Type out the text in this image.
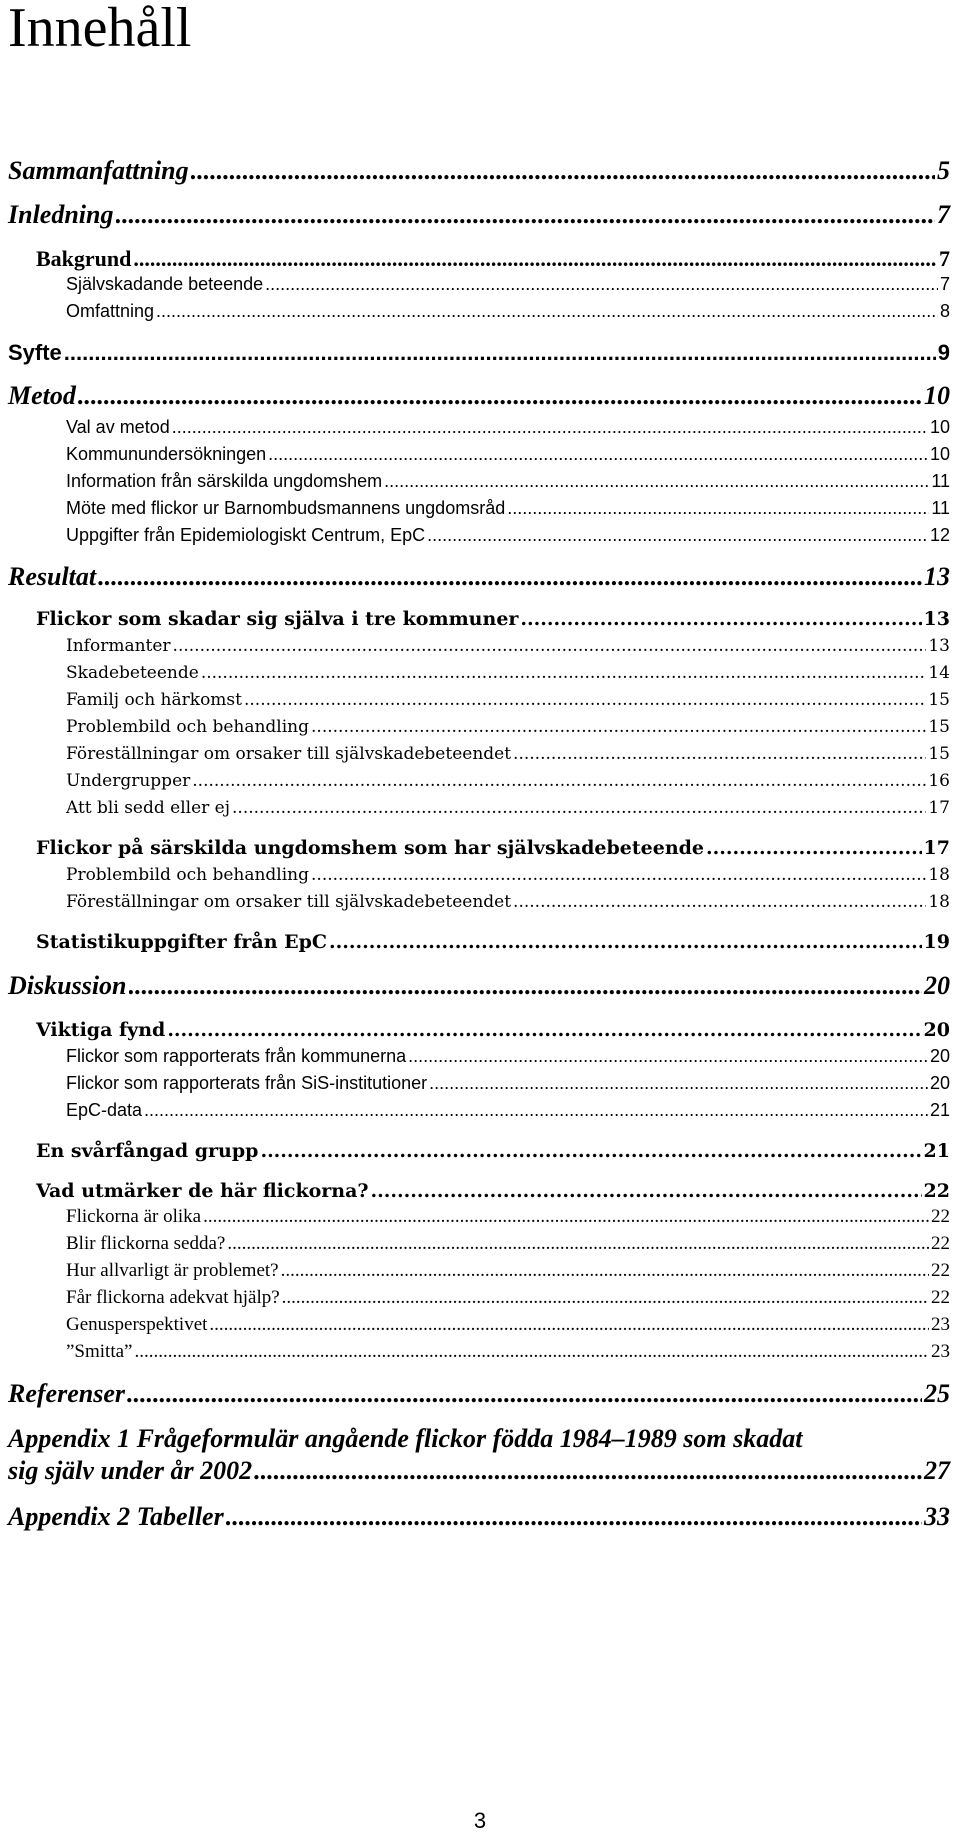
Innehåll
Sammanfattning .....	5
Inledning .....	7
Bakgrund .....	7
Självskadande beteende .....	7
Omfattning .....	8
Syfte .....	9
Metod .....	10
Val av metod .....	10
Kommunundersökningen .....	10
Information från särskilda ungdomshem .....	11
Möte med flickor ur Barnombudsmannens ungdomsråd .....	11
Uppgifter från Epidemiologiskt Centrum, EpC .....	12
Resultat .....	13
Flickor som skadar sig själva i tre kommuner .....	13
Informanter .....	13
Skadebeteende .....	14
Familj och härkomst .....	15
Problembild och behandling .....	15
Föreställningar om orsaker till självskadebeteendet .....	15
Undergrupper .....	16
Att bli sedd eller ej .....	17
Flickor på särskilda ungdomshem som har självskadebeteende .....	17
Problembild och behandling .....	18
Föreställningar om orsaker till självskadebeteendet .....	18
Statistikuppgifter från EpC .....	19
Diskussion .....	20
Viktiga fynd .....	20
Flickor som rapporterats från kommunerna .....	20
Flickor som rapporterats från SiS-institutioner .....	20
EpC-data .....	21
En svårfångad grupp .....	21
Vad utmärker de här flickorna? .....	22
Flickorna är olika .....	22
Blir flickorna sedda? .....	22
Hur allvarligt är problemet? .....	22
Får flickorna adekvat hjälp? .....	22
Genusperspektivet .....	23
”Smitta” .....	23
Referenser .....	25
Appendix 1 Frågeformulär angående flickor födda 1984–1989 som skadat
sig själv under år 2002 .....	27
Appendix 2 Tabeller .....	33
3
